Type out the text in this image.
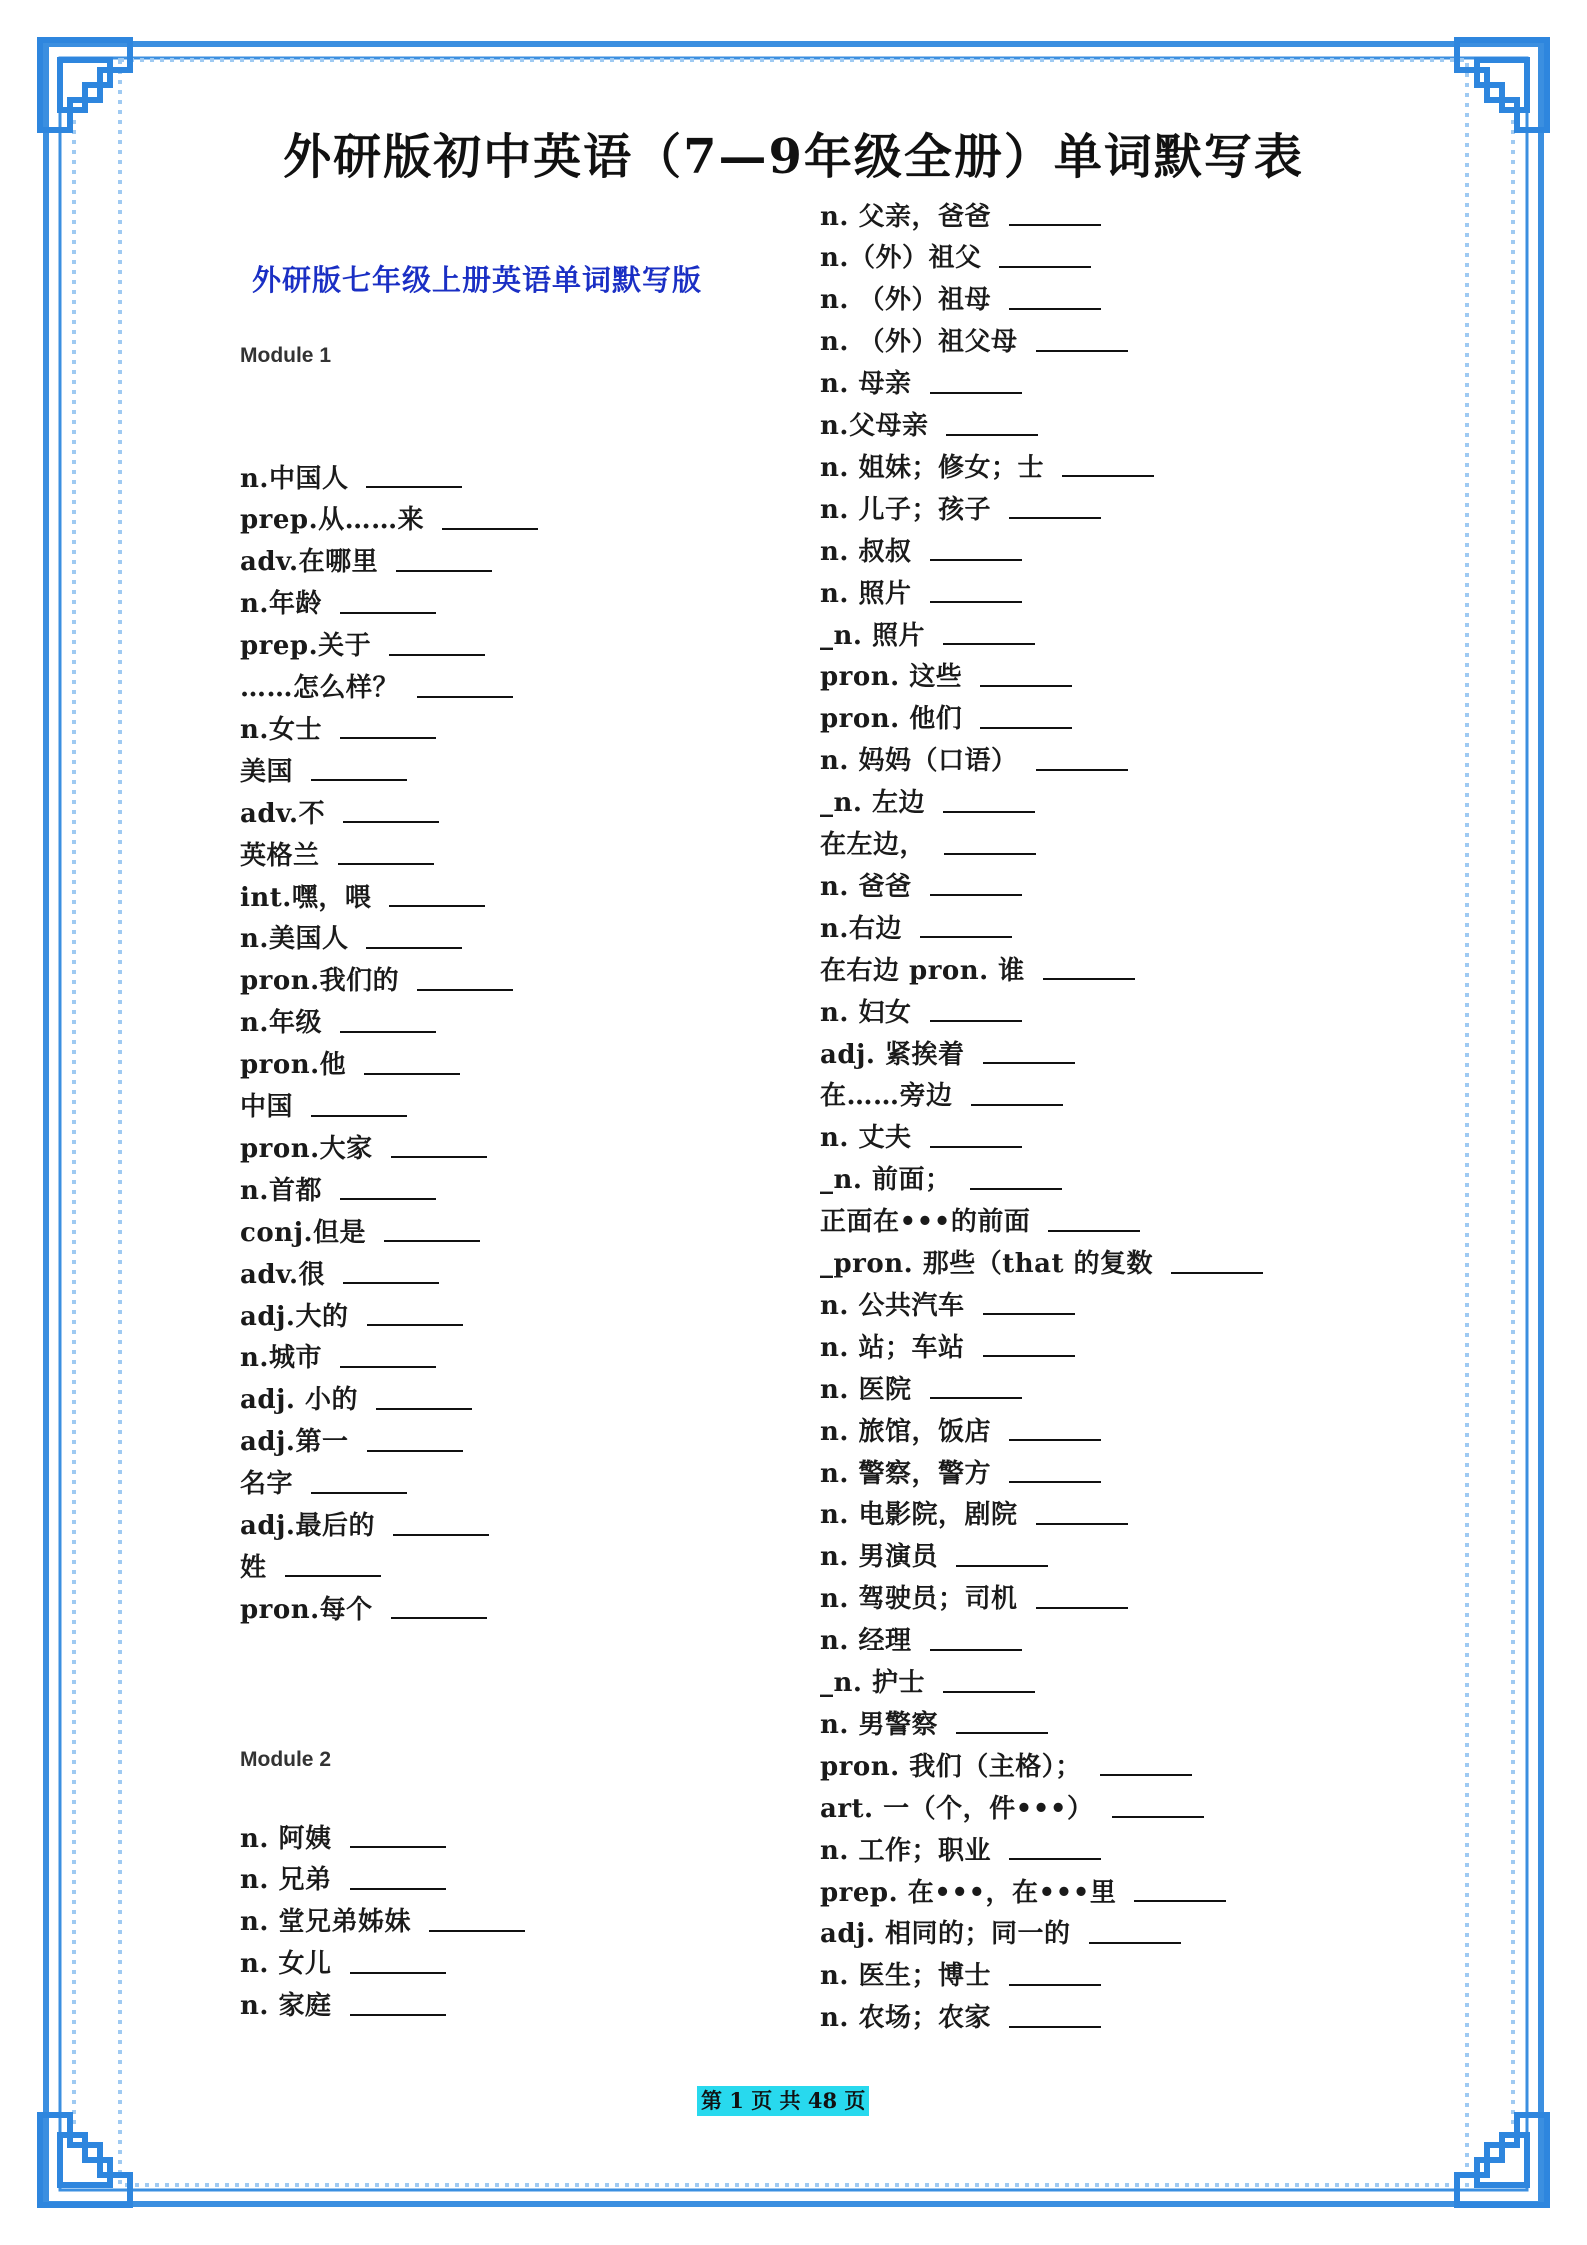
外研版初中英语（7—9年级全册）单词默写表
外研版七年级上册英语单词默写版
Module 1
n.中国人
prep.从……来
adv.在哪里
n.年龄
prep.关于
……怎么样？
n.女士
美国
adv.不
英格兰
int.嘿，喂
n.美国人
pron.我们的
n.年级
pron.他
中国
pron.大家
n.首都
conj.但是
adv.很
adj.大的
n.城市
adj. 小的
adj.第一
名字
adj.最后的
姓
pron.每个
Module 2
n. 阿姨
n. 兄弟
n. 堂兄弟姊妹
n. 女儿
n. 家庭
n. 父亲，爸爸
n.（外）祖父
n. （外）祖母
n. （外）祖父母
n. 母亲
n.父母亲
n. 姐妹；修女；士
n. 儿子；孩子
n. 叔叔
n. 照片
_n. 照片
pron. 这些
pron. 他们
n. 妈妈（口语）
_n. 左边
在左边，
n. 爸爸
n.右边
在右边 pron. 谁
n. 妇女
adj. 紧挨着
在……旁边
n. 丈夫
_n. 前面；
正面在•••的前面
_pron. 那些（that 的复数
n. 公共汽车
n. 站；车站
n. 医院
n. 旅馆，饭店
n. 警察，警方
n. 电影院，剧院
n. 男演员
n. 驾驶员；司机
n. 经理
_n. 护士
n. 男警察
pron. 我们（主格）；
art. 一（个，件•••）
n. 工作；职业
prep. 在•••，在•••里
adj. 相同的；同一的
n. 医生；博士
n. 农场；农家
第 1 页 共 48 页
